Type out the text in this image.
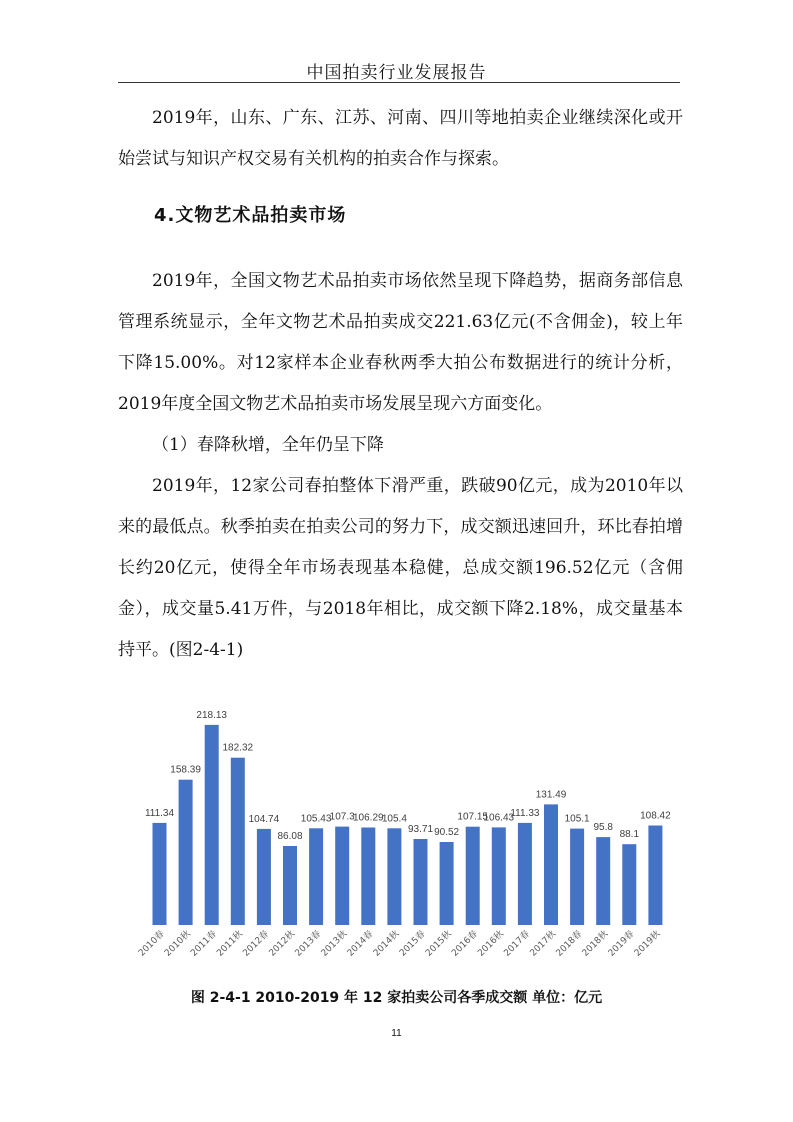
中国拍卖行业发展报告

2019年，山东、广东、江苏、河南、四川等地拍卖企业继续深化或开始尝试与知识产权交易有关机构的拍卖合作与探索。

4.文物艺术品拍卖市场

2019年，全国文物艺术品拍卖市场依然呈现下降趋势，据商务部信息管理系统显示，全年文物艺术品拍卖成交221.63亿元(不含佣金)，较上年下降15.00%。对12家样本企业春秋两季大拍公布数据进行的统计分析，2019年度全国文物艺术品拍卖市场发展呈现六方面变化。

（1）春降秋增，全年仍呈下降

2019年，12家公司春拍整体下滑严重，跌破90亿元，成为2010年以来的最低点。秋季拍卖在拍卖公司的努力下，成交额迅速回升，环比春拍增长约20亿元，使得全年市场表现基本稳健，总成交额196.52亿元（含佣金），成交量5.41万件，与2018年相比，成交额下降2.18%，成交量基本持平。(图2-4-1)

111.34
158.39
218.13
182.32
104.74
86.08
105.43
107.3
106.29
105.4
93.71 90.52
107.15
106.43
111.33
131.49
105.1
95.8
88.1
108.42
2010春
2010秋
2011春
2011秋
2012春
2012秋
2013春
2013秋
2014春
2014秋
2015春
2015秋
2016春
2016秋
2017春
2017秋
2018春
2018秋
2019春
2019秋
图 2-4-1 2010-2019 年 12 家拍卖公司各季成交额 单位：亿元
11
